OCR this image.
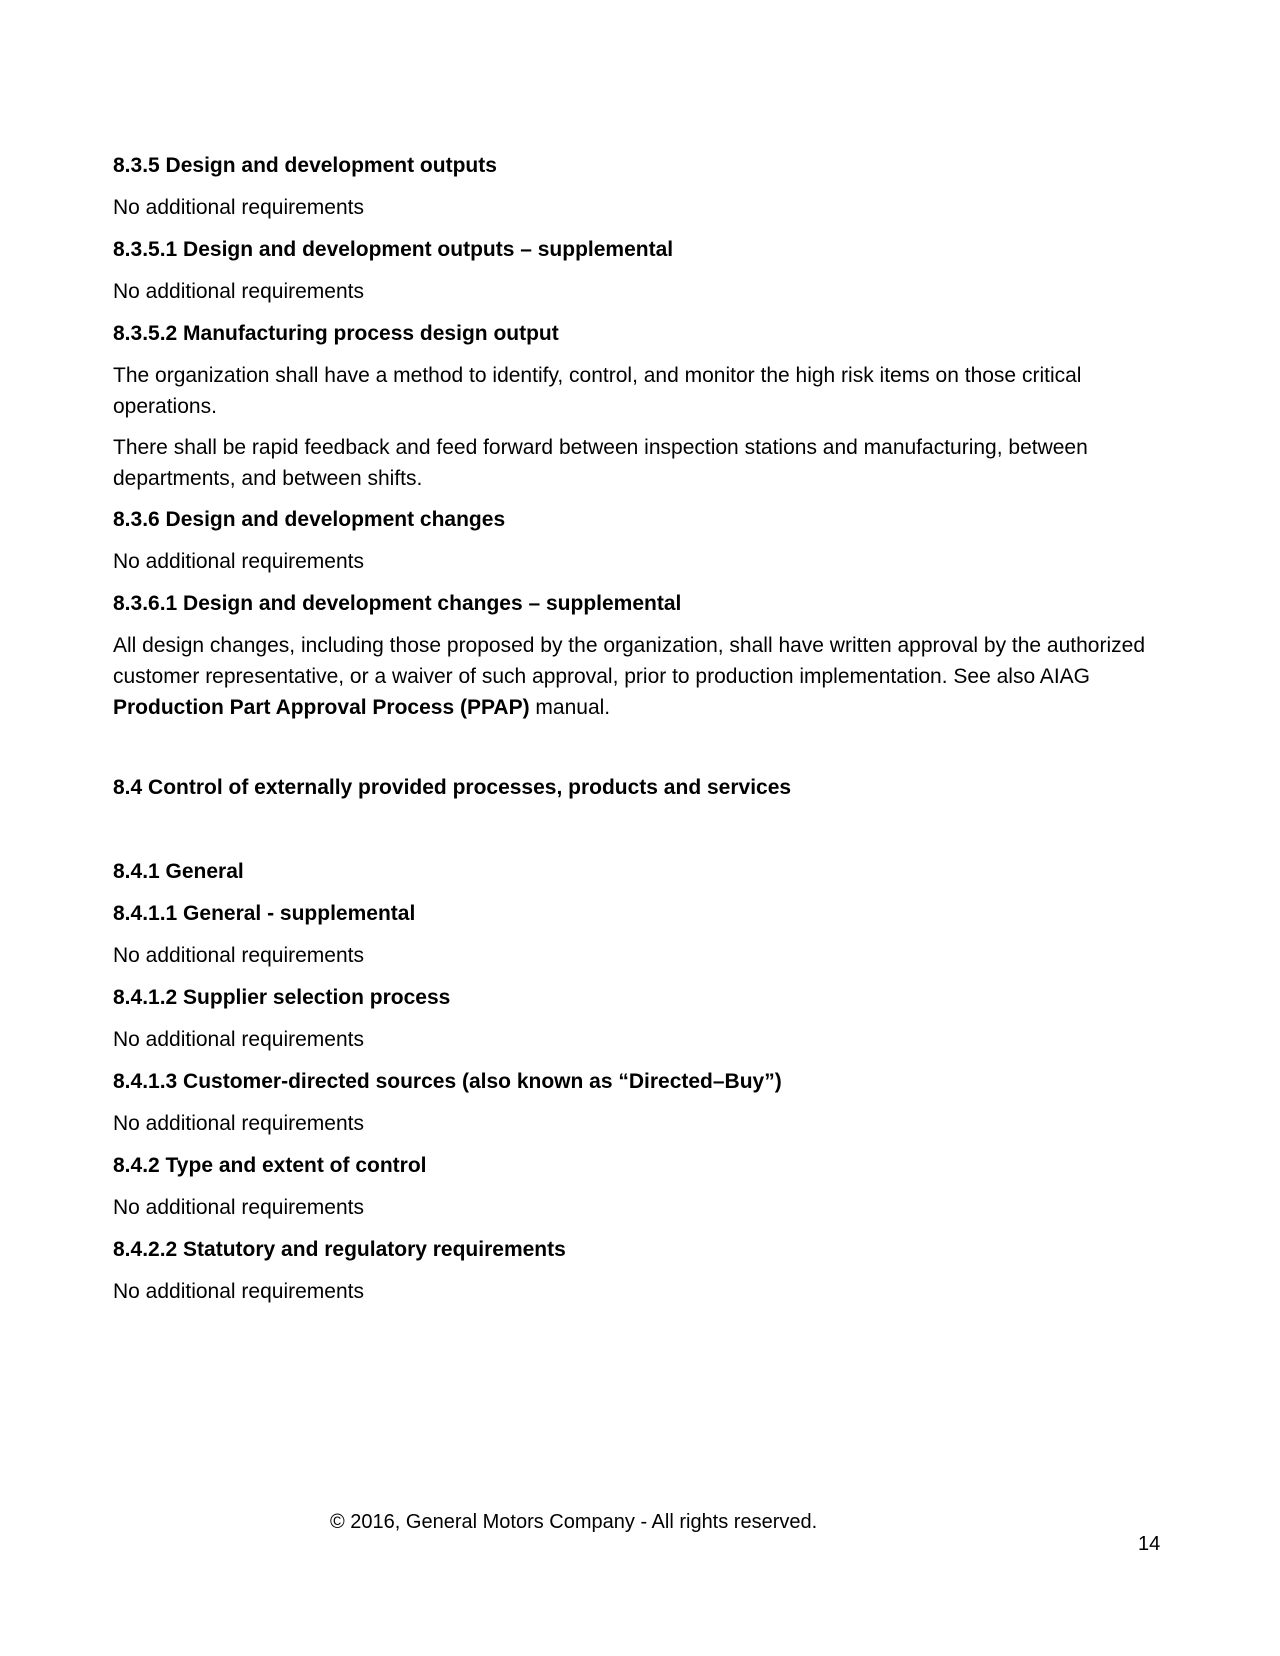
8.3.5 Design and development outputs
No additional requirements
8.3.5.1 Design and development outputs – supplemental
No additional requirements
8.3.5.2 Manufacturing process design output
The organization shall have a method to identify, control, and monitor the high risk items on those critical operations.
There shall be rapid feedback and feed forward between inspection stations and manufacturing, between departments, and between shifts.
8.3.6 Design and development changes
No additional requirements
8.3.6.1 Design and development changes – supplemental
All design changes, including those proposed by the organization, shall have written approval by the authorized customer representative, or a waiver of such approval, prior to production implementation. See also AIAG Production Part Approval Process (PPAP) manual.
8.4 Control of externally provided processes, products and services
8.4.1 General
8.4.1.1 General - supplemental
No additional requirements
8.4.1.2 Supplier selection process
No additional requirements
8.4.1.3 Customer-directed sources (also known as “Directed–Buy”)
No additional requirements
8.4.2 Type and extent of control
No additional requirements
8.4.2.2 Statutory and regulatory requirements
No additional requirements
© 2016, General Motors Company - All rights reserved.
14
